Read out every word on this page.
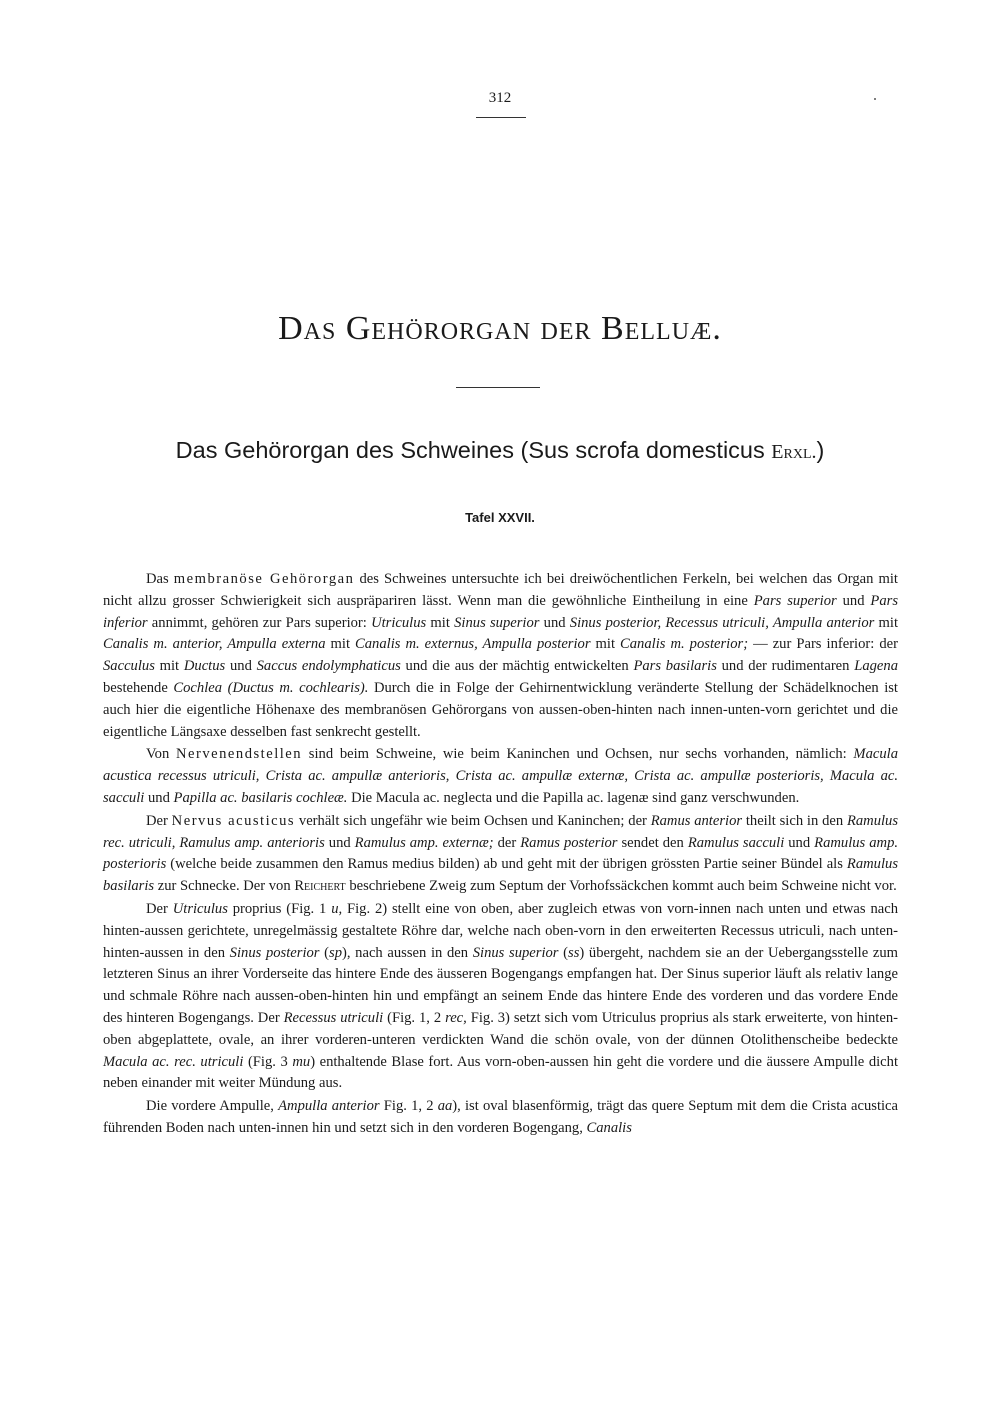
312
Das Gehörorgan der Belluæ.
Das Gehörorgan des Schweines (Sus scrofa domesticus Erxl.)
Tafel XXVII.

Das membranöse Gehörorgan des Schweines untersuchte ich bei dreiwöchentlichen Ferkeln, bei welchen das Organ mit nicht allzu grosser Schwierigkeit sich auspräpariren lässt. Wenn man die gewöhnliche Eintheilung in eine Pars superior und Pars inferior annimmt, gehören zur Pars superior: Utriculus mit Sinus superior und Sinus posterior, Recessus utriculi, Ampulla anterior mit Canalis m. anterior, Ampulla externa mit Canalis m. externus, Ampulla posterior mit Canalis m. posterior; — zur Pars inferior: der Sacculus mit Ductus und Saccus endolymphaticus und die aus der mächtig entwickelten Pars basilaris und der rudimentaren Lagena bestehende Cochlea (Ductus m. cochlearis). Durch die in Folge der Gehirnentwicklung veränderte Stellung der Schädelknochen ist auch hier die eigentliche Höhenaxe des membranösen Gehörorgans von aussen-oben-hinten nach innen-unten-vorn gerichtet und die eigentliche Längsaxe desselben fast senkrecht gestellt.

Von Nervenendstellen sind beim Schweine, wie beim Kaninchen und Ochsen, nur sechs vorhanden, nämlich: Macula acustica recessus utriculi, Crista ac. ampullæ anterioris, Crista ac. ampullæ externæ, Crista ac. ampullæ posterioris, Macula ac. sacculi und Papilla ac. basilaris cochleæ. Die Macula ac. neglecta und die Papilla ac. lagenæ sind ganz verschwunden.

Der Nervus acusticus verhält sich ungefähr wie beim Ochsen und Kaninchen; der Ramus anterior theilt sich in den Ramulus rec. utriculi, Ramulus amp. anterioris und Ramulus amp. externæ; der Ramus posterior sendet den Ramulus sacculi und Ramulus amp. posterioris (welche beide zusammen den Ramus medius bilden) ab und geht mit der übrigen grössten Partie seiner Bündel als Ramulus basilaris zur Schnecke. Der von Reichert beschriebene Zweig zum Septum der Vorhofssäckchen kommt auch beim Schweine nicht vor.

Der Utriculus proprius (Fig. 1 u, Fig. 2) stellt eine von oben, aber zugleich etwas von vorn-innen nach unten und etwas nach hinten-aussen gerichtete, unregelmässig gestaltete Röhre dar, welche nach oben-vorn in den erweiterten Recessus utriculi, nach unten-hinten-aussen in den Sinus posterior (sp), nach aussen in den Sinus superior (ss) übergeht, nachdem sie an der Uebergangsstelle zum letzteren Sinus an ihrer Vorderseite das hintere Ende des äusseren Bogengangs empfangen hat. Der Sinus superior läuft als relativ lange und schmale Röhre nach aussen-oben-hinten hin und empfängt an seinem Ende das hintere Ende des vorderen und das vordere Ende des hinteren Bogengangs. Der Recessus utriculi (Fig. 1, 2 rec, Fig. 3) setzt sich vom Utriculus proprius als stark erweiterte, von hinten-oben abgeplattete, ovale, an ihrer vorderen-unteren verdickten Wand die schön ovale, von der dünnen Otolithenscheibe bedeckte Macula ac. rec. utriculi (Fig. 3 mu) enthaltende Blase fort. Aus vorn-oben-aussen hin geht die vordere und die äussere Ampulle dicht neben einander mit weiter Mündung aus.

Die vordere Ampulle, Ampulla anterior Fig. 1, 2 aa), ist oval blasenförmig, trägt das quere Septum mit dem die Crista acustica führenden Boden nach unten-innen hin und setzt sich in den vorderen Bogengang, Canalis
